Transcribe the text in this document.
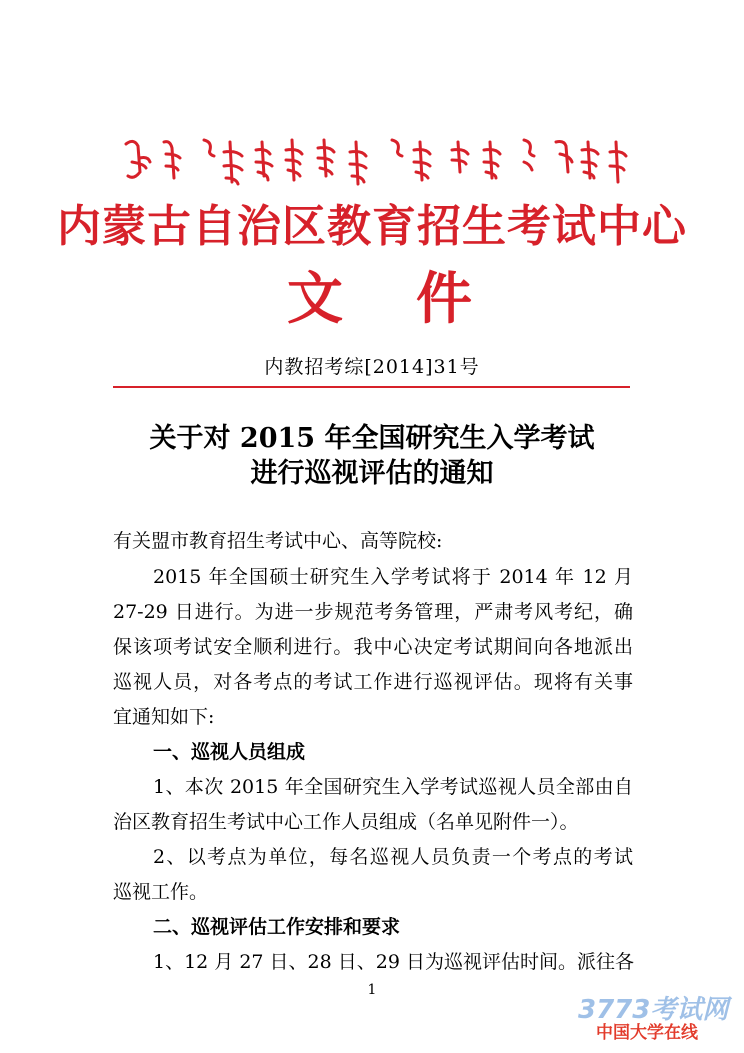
内蒙古自治区教育招生考试中心
文 件
内教招考综[2014]31号
关于对 2015 年全国研究生入学考试
进行巡视评估的通知
有关盟市教育招生考试中心、高等院校:
2015 年全国硕士研究生入学考试将于 2014 年 12 月
27-29 日进行。为进一步规范考务管理，严肃考风考纪，确
保该项考试安全顺利进行。我中心决定考试期间向各地派出
巡视人员，对各考点的考试工作进行巡视评估。现将有关事
宜通知如下:
一、巡视人员组成
1、本次 2015 年全国研究生入学考试巡视人员全部由自
治区教育招生考试中心工作人员组成（名单见附件一）。
2、以考点为单位，每名巡视人员负责一个考点的考试
巡视工作。
二、巡视评估工作安排和要求
1、12 月 27 日、28 日、29 日为巡视评估时间。派往各
1
3773考试网
中国大学在线
